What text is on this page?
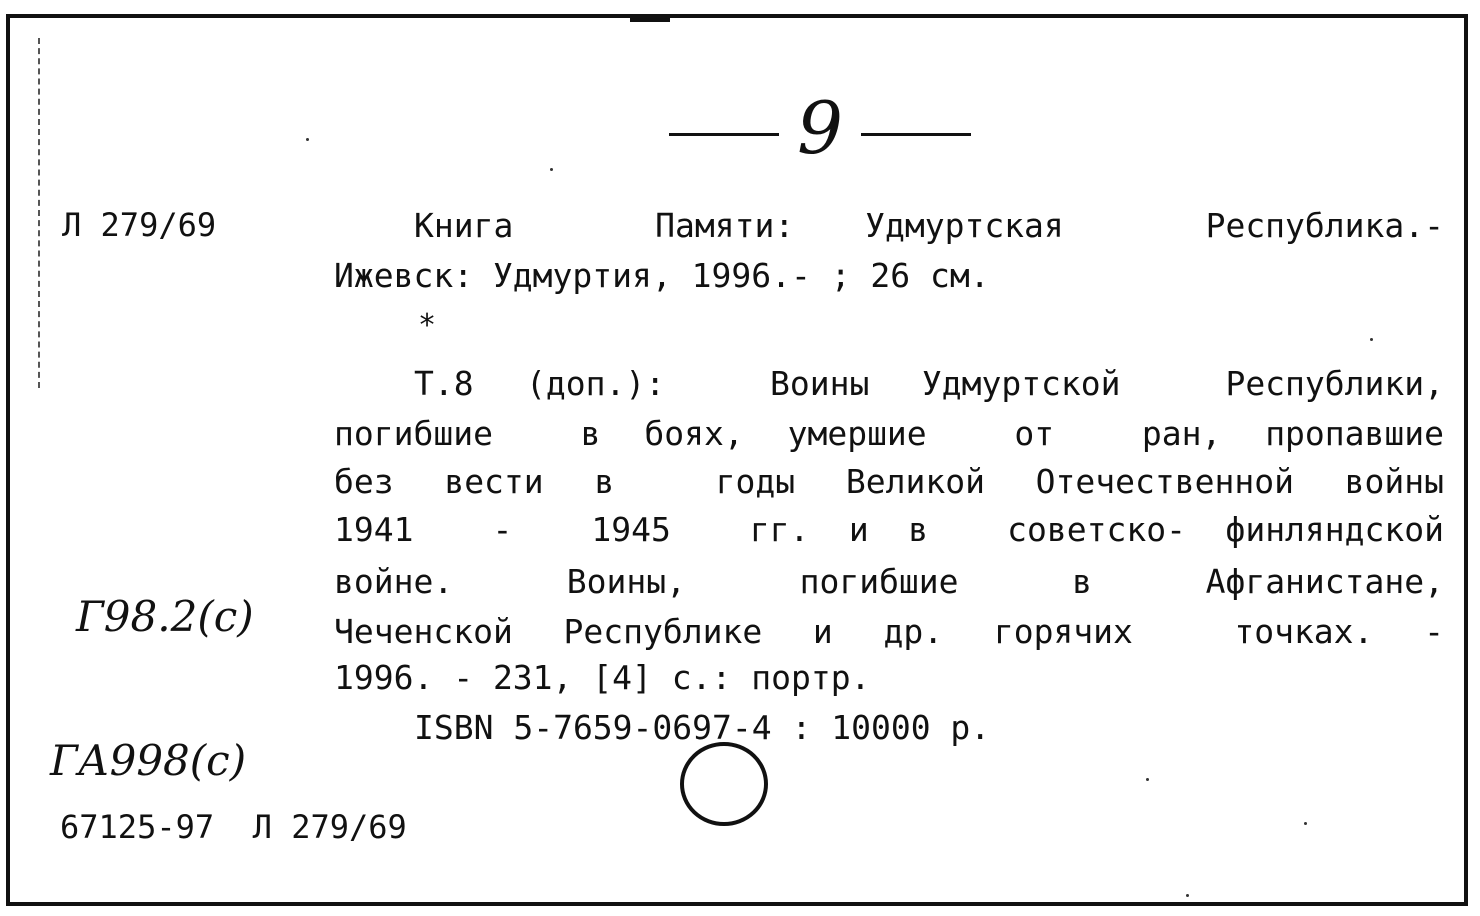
9
Л 279/69	Книга  Памяти: Удмуртская  Республика.-
Ижевск: Удмуртия, 1996.- ; 26 см.
*
Т.8 (доп.):  Воины Удмуртской  Республики,
погибшие  в боях, умершие  от  ран, пропавшие
без вести в  годы Великой Отечественной войны
1941  -  1945  гг. и в  советско- финляндской
войне.  Воины,  погибшие  в  Афганистане,
Чеченской Республике и др. горячих  точках. -
1996. - 231, [4] с.: портр.
ISBN 5-7659-0697-4 : 10000 р.
Г98.2(с)
ГА998(с)
67125-97  Л 279/69
